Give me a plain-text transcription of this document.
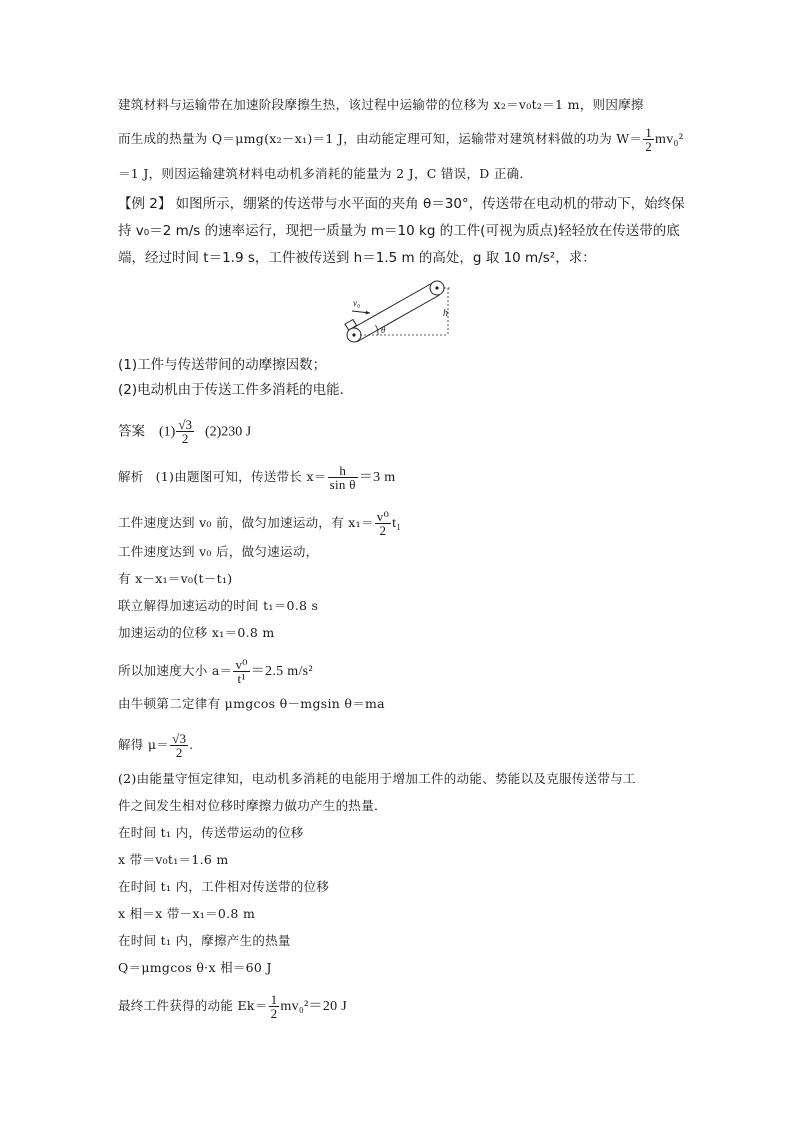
建筑材料与运输带在加速阶段摩擦生热，该过程中运输带的位移为 x₂＝v₀t₂＝1 m，则因摩擦
而生成的热量为 Q＝μmg(x₂－x₁)＝1 J，由动能定理可知，运输带对建筑材料做的功为 $W= \frac{1}{2} mv_0^2$
＝1 J，则因运输建筑材料电动机多消耗的能量为 2 J，C 错误，D 正确．
【例 2】 如图所示，绷紧的传送带与水平面的夹角 θ＝30°，传送带在电动机的带动下，始终保
持 v₀＝2 m/s 的速率运行，现把一质量为 m＝10 kg 的工件(可视为质点)轻轻放在传送带的底
端，经过时间 t＝1.9 s，工件被传送到 h＝1.5 m 的高处，g 取 10 m/s²，求：
v₀
h
θ
(1)工件与传送带间的动摩擦因数；
(2)电动机由于传送工件多消耗的电能．
答案 $(1) \frac{√3}{2} (2)230$ J
解析 (1)由题图可知，传送带长 $x= \frac{h}{\text{sin θ}} =3$ m
工件速度达到 v₀ 前，做匀加速运动，有 $x_1= \frac{\text{v⁰}}{2} t_1$
工件速度达到 v₀ 后，做匀速运动，
有 x－x₁＝v₀(t－t₁)
联立解得加速运动的时间 t₁＝0.8 s
加速运动的位移 x₁＝0.8 m
所以加速度大小 $a= \frac{\text{v⁰}}{\text{t¹}} =2.5$ m/s²
由牛顿第二定律有 μmgcos θ－mgsin θ＝ma
解得 $\mu= \frac{√3}{2}$ .
(2)由能量守恒定律知，电动机多消耗的电能用于增加工件的动能、势能以及克服传送带与工
件之间发生相对位移时摩擦力做功产生的热量．
在时间 t₁ 内，传送带运动的位移
x 带＝v₀t₁＝1.6 m
在时间 t₁ 内，工件相对传送带的位移
x 相＝x 带－x₁＝0.8 m
在时间 t₁ 内，摩擦产生的热量
Q＝μmgcos θ·x 相＝60 J
最终工件获得的动能 $Ek= \frac{1}{2} mv_0^2=20$ J
